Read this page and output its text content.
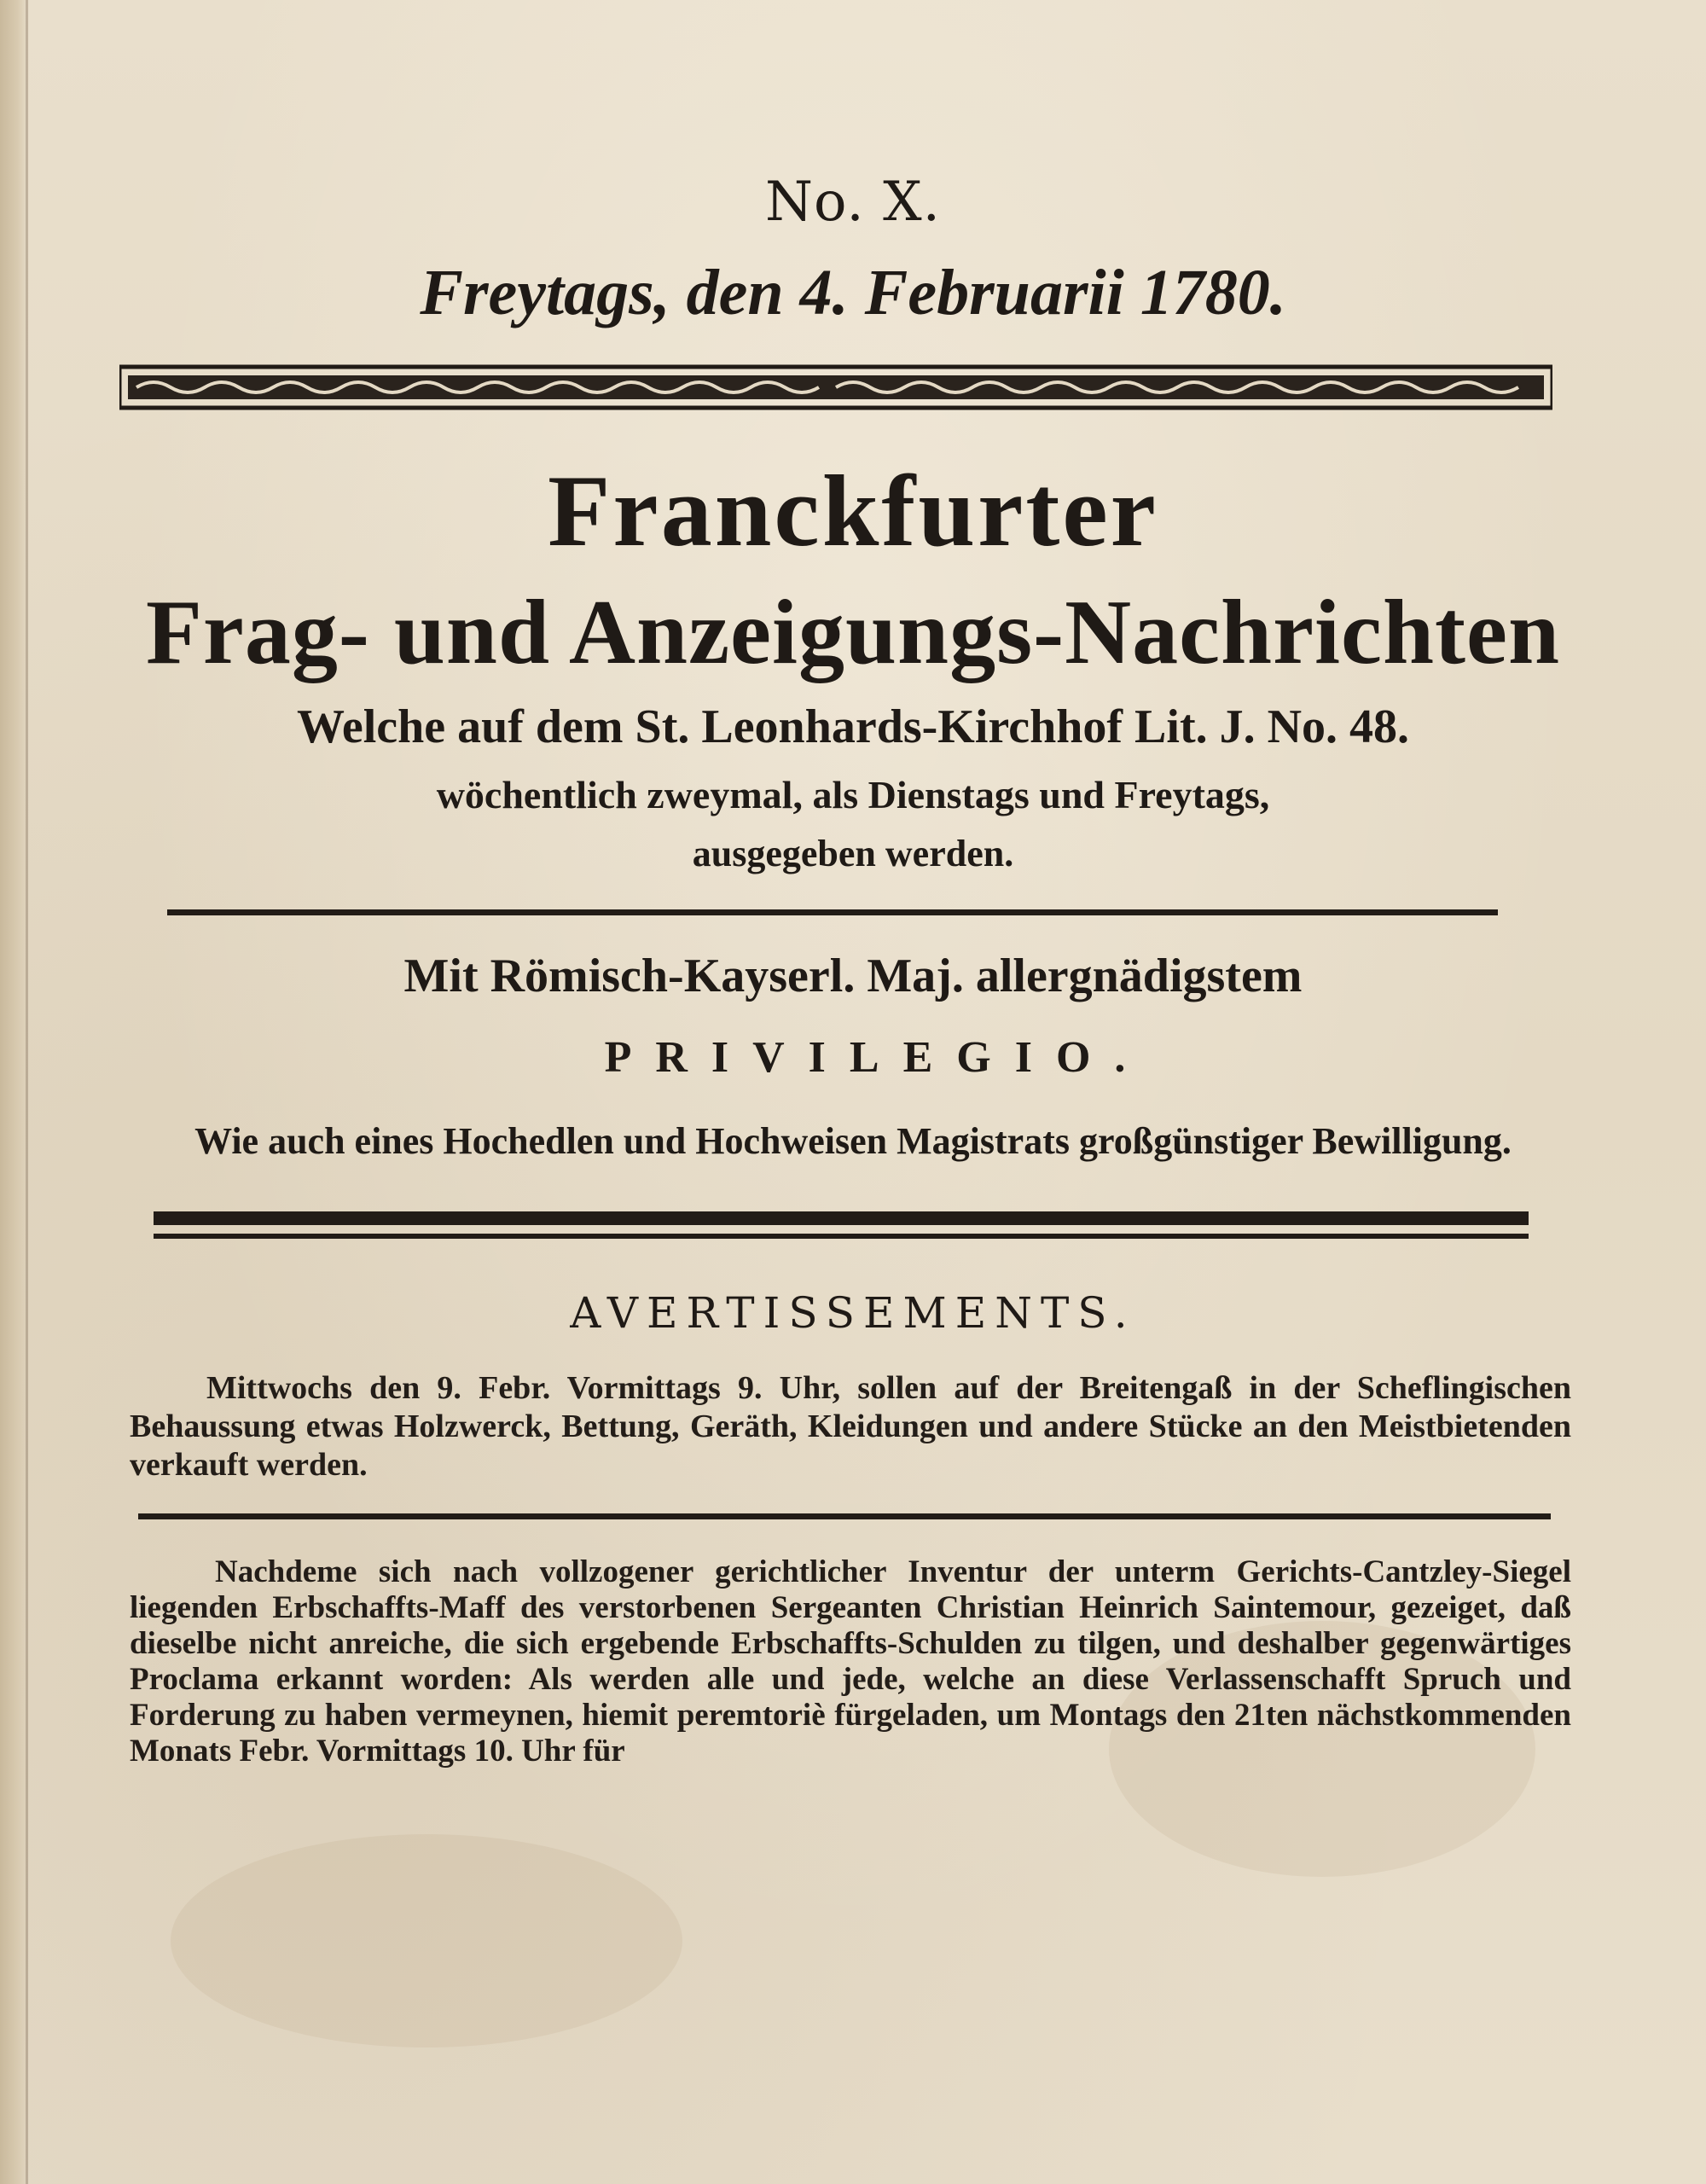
No. X.
Freytags, den 4. Februarii 1780.
Franckfurter
Frag- und Anzeigungs-Nachrichten
Welche auf dem St. Leonhards-Kirchhof Lit. J. No. 48.
wöchentlich zweymal, als Dienstags und Freytags,
ausgegeben werden.
Mit Römisch-Kayserl. Maj. allergnädigstem
PRIVILEGIO.
Wie auch eines Hochedlen und Hochweisen Magistrats großgünstiger Bewilligung.
AVERTISSEMENTS.
Mittwochs den 9. Febr. Vormittags 9. Uhr, sollen auf der Breitengaß in der Scheflingischen Behaussung etwas Holzwerck, Bettung, Geräth, Kleidungen und andere Stücke an den Meistbietenden verkauft werden.
Nachdeme sich nach vollzogener gerichtlicher Inventur der unterm Gerichts-Cantzley-Siegel liegenden Erbschaffts-Maff des verstorbenen Sergeanten Christian Heinrich Saintemour, gezeiget, daß dieselbe nicht anreiche, die sich ergebende Erbschaffts-Schulden zu tilgen, und deshalber gegenwärtiges Proclama erkannt worden: Als werden alle und jede, welche an diese Verlassenschafft Spruch und Forderung zu haben vermeynen, hiemit peremtoriè fürgeladen, um Montags den 21ten nächstkommenden Monats Febr. Vormittags 10. Uhr für
